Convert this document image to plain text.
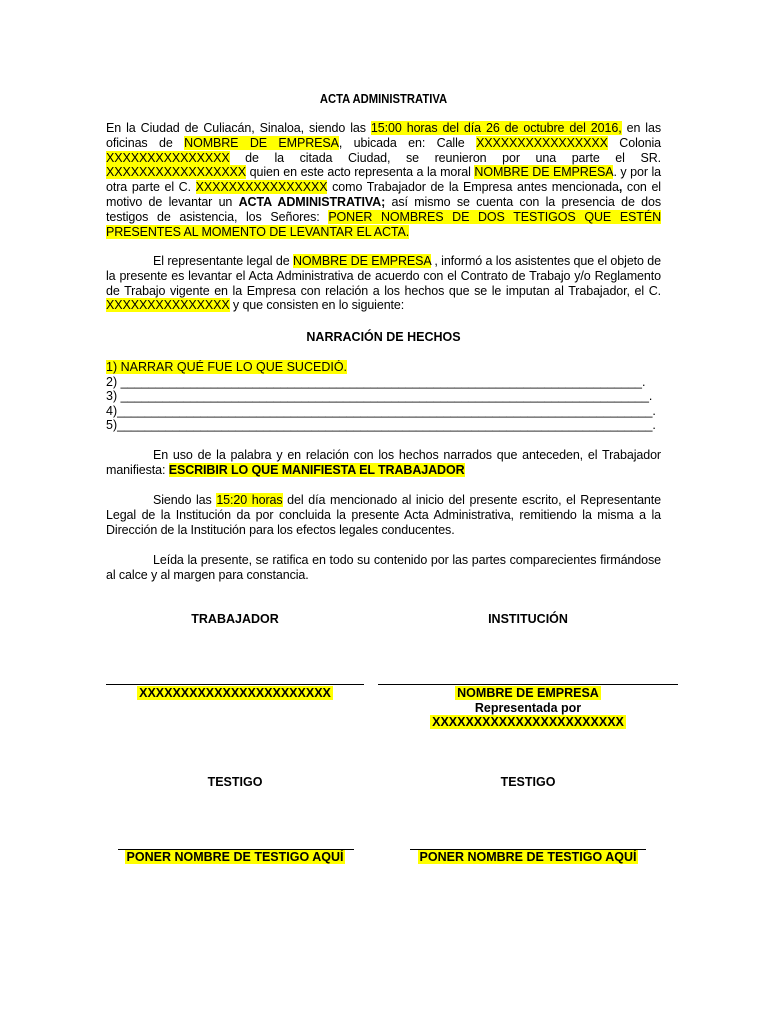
ACTA ADMINISTRATIVA
En la Ciudad de Culiacán, Sinaloa, siendo las 15:00 horas del día 26 de octubre del 2016, en las oficinas de NOMBRE DE EMPRESA, ubicada en: Calle XXXXXXXXXXXXXXXX Colonia XXXXXXXXXXXXXXX de la citada Ciudad, se reunieron por una parte el SR. XXXXXXXXXXXXXXXXX quien en este acto representa a la moral NOMBRE DE EMPRESA. y por la otra parte el C. XXXXXXXXXXXXXXXX como Trabajador de la Empresa antes mencionada, con el motivo de levantar un ACTA ADMINISTRATIVA; así mismo se cuenta con la presencia de dos testigos de asistencia, los Señores: PONER NOMBRES DE DOS TESTIGOS QUE ESTÉN PRESENTES AL MOMENTO DE LEVANTAR EL ACTA.
El representante legal de NOMBRE DE EMPRESA , informó a los asistentes que el objeto de la presente es levantar el Acta Administrativa de acuerdo con el Contrato de Trabajo y/o Reglamento de Trabajo vigente en la Empresa con relación a los hechos que se le imputan al Trabajador, el C. XXXXXXXXXXXXXXX y que consisten en lo siguiente:
NARRACIÓN DE HECHOS
1) NARRAR QUÉ FUE LO QUE SUCEDIÓ.
2) ___________________________________________________________________________.
3) ____________________________________________________________________________.
4)_____________________________________________________________________________.
5)_____________________________________________________________________________.
En uso de la palabra y en relación con los hechos narrados que anteceden, el Trabajador manifiesta: ESCRIBIR LO QUE MANIFIESTA EL TRABAJADOR
Siendo las 15:20 horas del día mencionado al inicio del presente escrito, el Representante Legal de la Institución da por concluida la presente Acta Administrativa, remitiendo la misma a la Dirección de la Institución para los efectos legales conducentes.
Leída la presente, se ratifica en todo su contenido por las partes comparecientes firmándose al calce y al margen para constancia.
TRABAJADOR	INSTITUCIÓN
XXXXXXXXXXXXXXXXXXXXXXX	NOMBRE DE EMPRESA
Representada por
XXXXXXXXXXXXXXXXXXXXXXX
TESTIGO	TESTIGO
PONER NOMBRE DE TESTIGO AQUÍ	PONER NOMBRE DE TESTIGO AQUÍ
